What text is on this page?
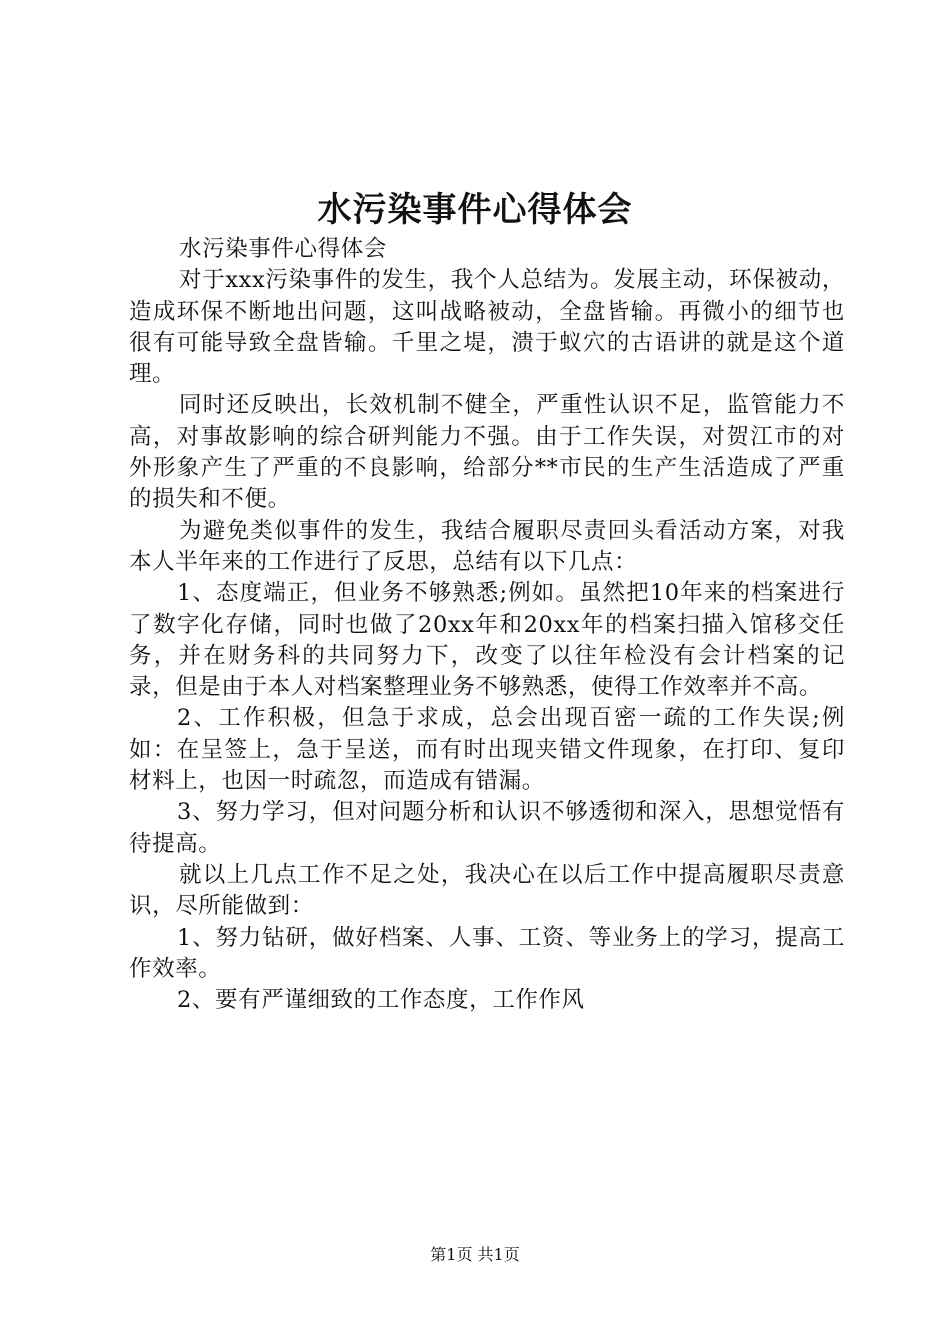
水污染事件心得体会

水污染事件心得体会

对于xxx污染事件的发生，我个人总结为。发展主动，环保被动，造成环保不断地出问题，这叫战略被动，全盘皆输。再微小的细节也很有可能导致全盘皆输。千里之堤，溃于蚁穴的古语讲的就是这个道理。

同时还反映出，长效机制不健全，严重性认识不足，监管能力不高，对事故影响的综合研判能力不强。由于工作失误，对贺江市的对外形象产生了严重的不良影响，给部分**市民的生产生活造成了严重的损失和不便。

为避免类似事件的发生，我结合履职尽责回头看活动方案，对我本人半年来的工作进行了反思，总结有以下几点：

1、态度端正，但业务不够熟悉;例如。虽然把10年来的档案进行了数字化存储，同时也做了20xx年和20xx年的档案扫描入馆移交任务，并在财务科的共同努力下，改变了以往年检没有会计档案的记录，但是由于本人对档案整理业务不够熟悉，使得工作效率并不高。

2、工作积极，但急于求成，总会出现百密一疏的工作失误;例如：在呈签上，急于呈送，而有时出现夹错文件现象，在打印、复印材料上，也因一时疏忽，而造成有错漏。

3、努力学习，但对问题分析和认识不够透彻和深入，思想觉悟有待提高。

就以上几点工作不足之处，我决心在以后工作中提高履职尽责意识，尽所能做到：

1、努力钻研，做好档案、人事、工资、等业务上的学习，提高工作效率。

2、要有严谨细致的工作态度，工作作风

第1页 共1页
